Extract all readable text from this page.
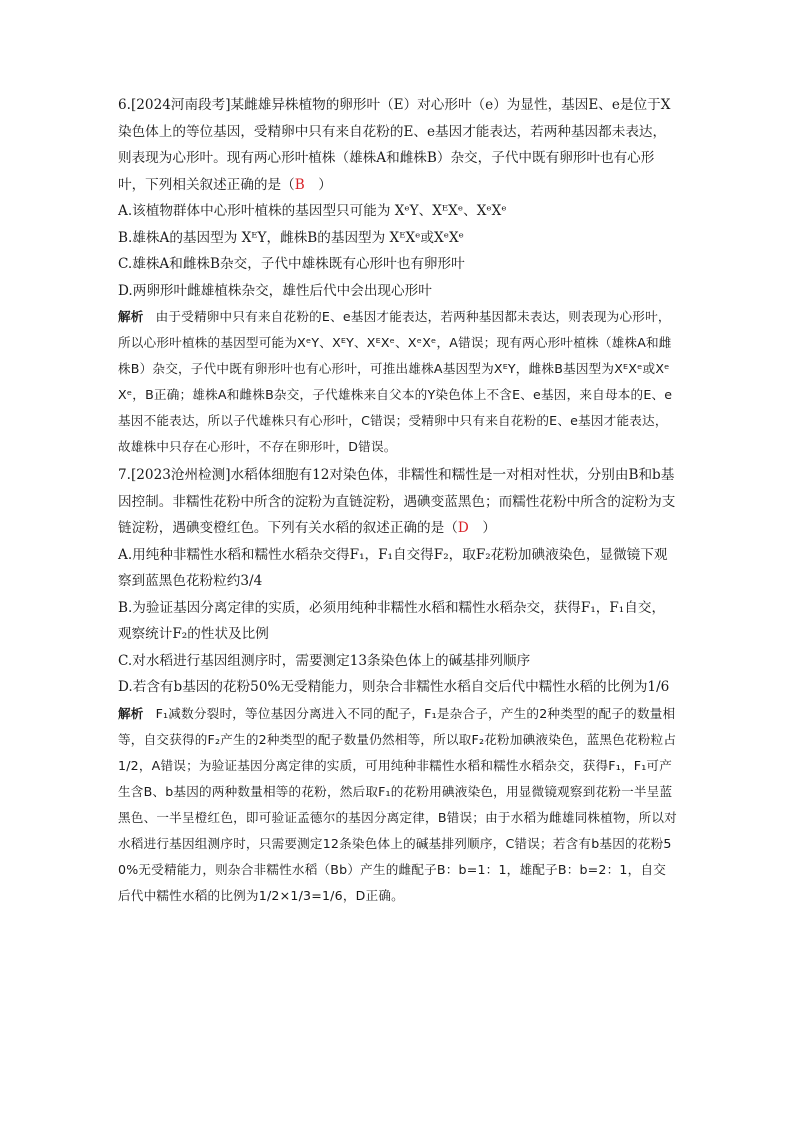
6.[2024河南段考]某雌雄异株植物的卵形叶（E）对心形叶（e）为显性，基因E、e是位于X染色体上的等位基因，受精卵中只有来自花粉的E、e基因才能表达，若两种基因都未表达，则表现为心形叶。现有两心形叶植株（雄株A和雌株B）杂交，子代中既有卵形叶也有心形叶，下列相关叙述正确的是（B　）

A.该植物群体中心形叶植株的基因型只可能为 XᵉY、XᴱXᵉ、XᵉXᵉ

B.雄株A的基因型为 XᴱY，雌株B的基因型为 XᴱXᵉ或XᵉXᵉ

C.雄株A和雌株B杂交，子代中雄株既有心形叶也有卵形叶

D.两卵形叶雌雄植株杂交，雄性后代中会出现心形叶

解析 由于受精卵中只有来自花粉的E、e基因才能表达，若两种基因都未表达，则表现为心形叶，所以心形叶植株的基因型可能为XᵉY、XᴱY、XᴱXᵉ、XᵉXᵉ，A错误；现有两心形叶植株（雄株A和雌株B）杂交，子代中既有卵形叶也有心形叶，可推出雄株A基因型为XᴱY，雌株B基因型为XᴱXᵉ或XᵉXᵉ，B正确；雄株A和雌株B杂交，子代雄株来自父本的Y染色体上不含E、e基因，来自母本的E、e基因不能表达，所以子代雄株只有心形叶，C错误；受精卵中只有来自花粉的E、e基因才能表达，故雄株中只存在心形叶，不存在卵形叶，D错误。

7.[2023沧州检测]水稻体细胞有12对染色体，非糯性和糯性是一对相对性状，分别由B和b基因控制。非糯性花粉中所含的淀粉为直链淀粉，遇碘变蓝黑色；而糯性花粉中所含的淀粉为支链淀粉，遇碘变橙红色。下列有关水稻的叙述正确的是（D　）

A.用纯种非糯性水稻和糯性水稻杂交得F₁，F₁自交得F₂，取F₂花粉加碘液染色，显微镜下观察到蓝黑色花粉粒约3/4

B.为验证基因分离定律的实质，必须用纯种非糯性水稻和糯性水稻杂交，获得F₁，F₁自交，观察统计F₂的性状及比例

C.对水稻进行基因组测序时，需要测定13条染色体上的碱基排列顺序

D.若含有b基因的花粉50%无受精能力，则杂合非糯性水稻自交后代中糯性水稻的比例为1/6

解析 F₁减数分裂时，等位基因分离进入不同的配子，F₁是杂合子，产生的2种类型的配子的数量相等，自交获得的F₂产生的2种类型的配子数量仍然相等，所以取F₂花粉加碘液染色，蓝黑色花粉粒占1/2，A错误；为验证基因分离定律的实质，可用纯种非糯性水稻和糯性水稻杂交，获得F₁，F₁可产生含B、b基因的两种数量相等的花粉，然后取F₁的花粉用碘液染色，用显微镜观察到花粉一半呈蓝黑色、一半呈橙红色，即可验证孟德尔的基因分离定律，B错误；由于水稻为雌雄同株植物，所以对水稻进行基因组测序时，只需要测定12条染色体上的碱基排列顺序，C错误；若含有b基因的花粉50%无受精能力，则杂合非糯性水稻（Bb）产生的雌配子B：b=1：1，雄配子B：b=2：1，自交后代中糯性水稻的比例为1/2×1/3=1/6，D正确。
